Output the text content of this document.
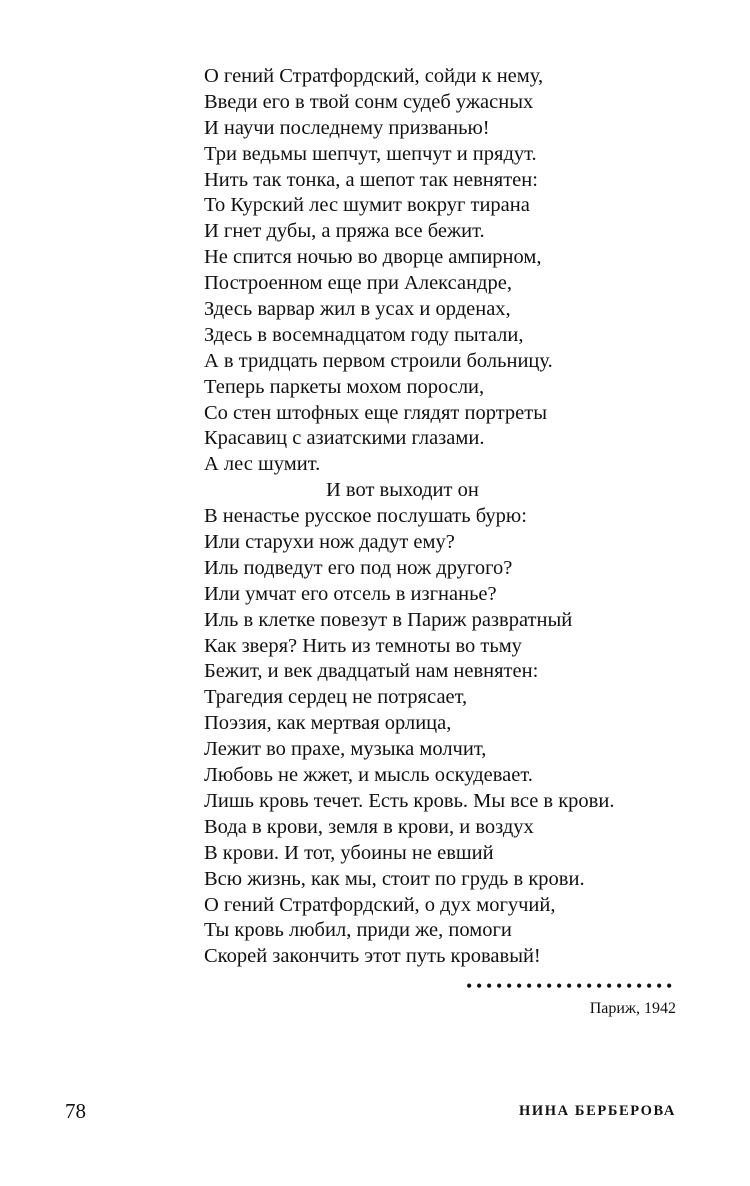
О гений Стратфордский, сойди к нему,
Введи его в твой сонм судеб ужасных
И научи последнему призванью!
Три ведьмы шепчут, шепчут и прядут.
Нить так тонка, а шепот так невнятен:
То Курский лес шумит вокруг тирана
И гнет дубы, а пряжа все бежит.
Не спится ночью во дворце ампирном,
Построенном еще при Александре,
Здесь варвар жил в усах и орденах,
Здесь в восемнадцатом году пытали,
А в тридцать первом строили больницу.
Теперь паркеты мохом поросли,
Со стен штофных еще глядят портреты
Красавиц с азиатскими глазами.
А лес шумит.
И вот выходит он
В ненастье русское послушать бурю:
Или старухи нож дадут ему?
Иль подведут его под нож другого?
Или умчат его отсель в изгнанье?
Иль в клетке повезут в Париж развратный
Как зверя? Нить из темноты во тьму
Бежит, и век двадцатый нам невнятен:
Трагедия сердец не потрясает,
Поэзия, как мертвая орлица,
Лежит во прахе, музыка молчит,
Любовь не жжет, и мысль оскудевает.
Лишь кровь течет. Есть кровь. Мы все в крови.
Вода в крови, земля в крови, и воздух
В крови. И тот, убоины не евший
Всю жизнь, как мы, стоит по грудь в крови.
О гений Стратфордский, о дух могучий,
Ты кровь любил, приди же, помоги
Скорей закончить этот путь кровавый!
•••••••••••••••••••••
Париж, 1942
78	НИНА БЕРБЕРОВА
